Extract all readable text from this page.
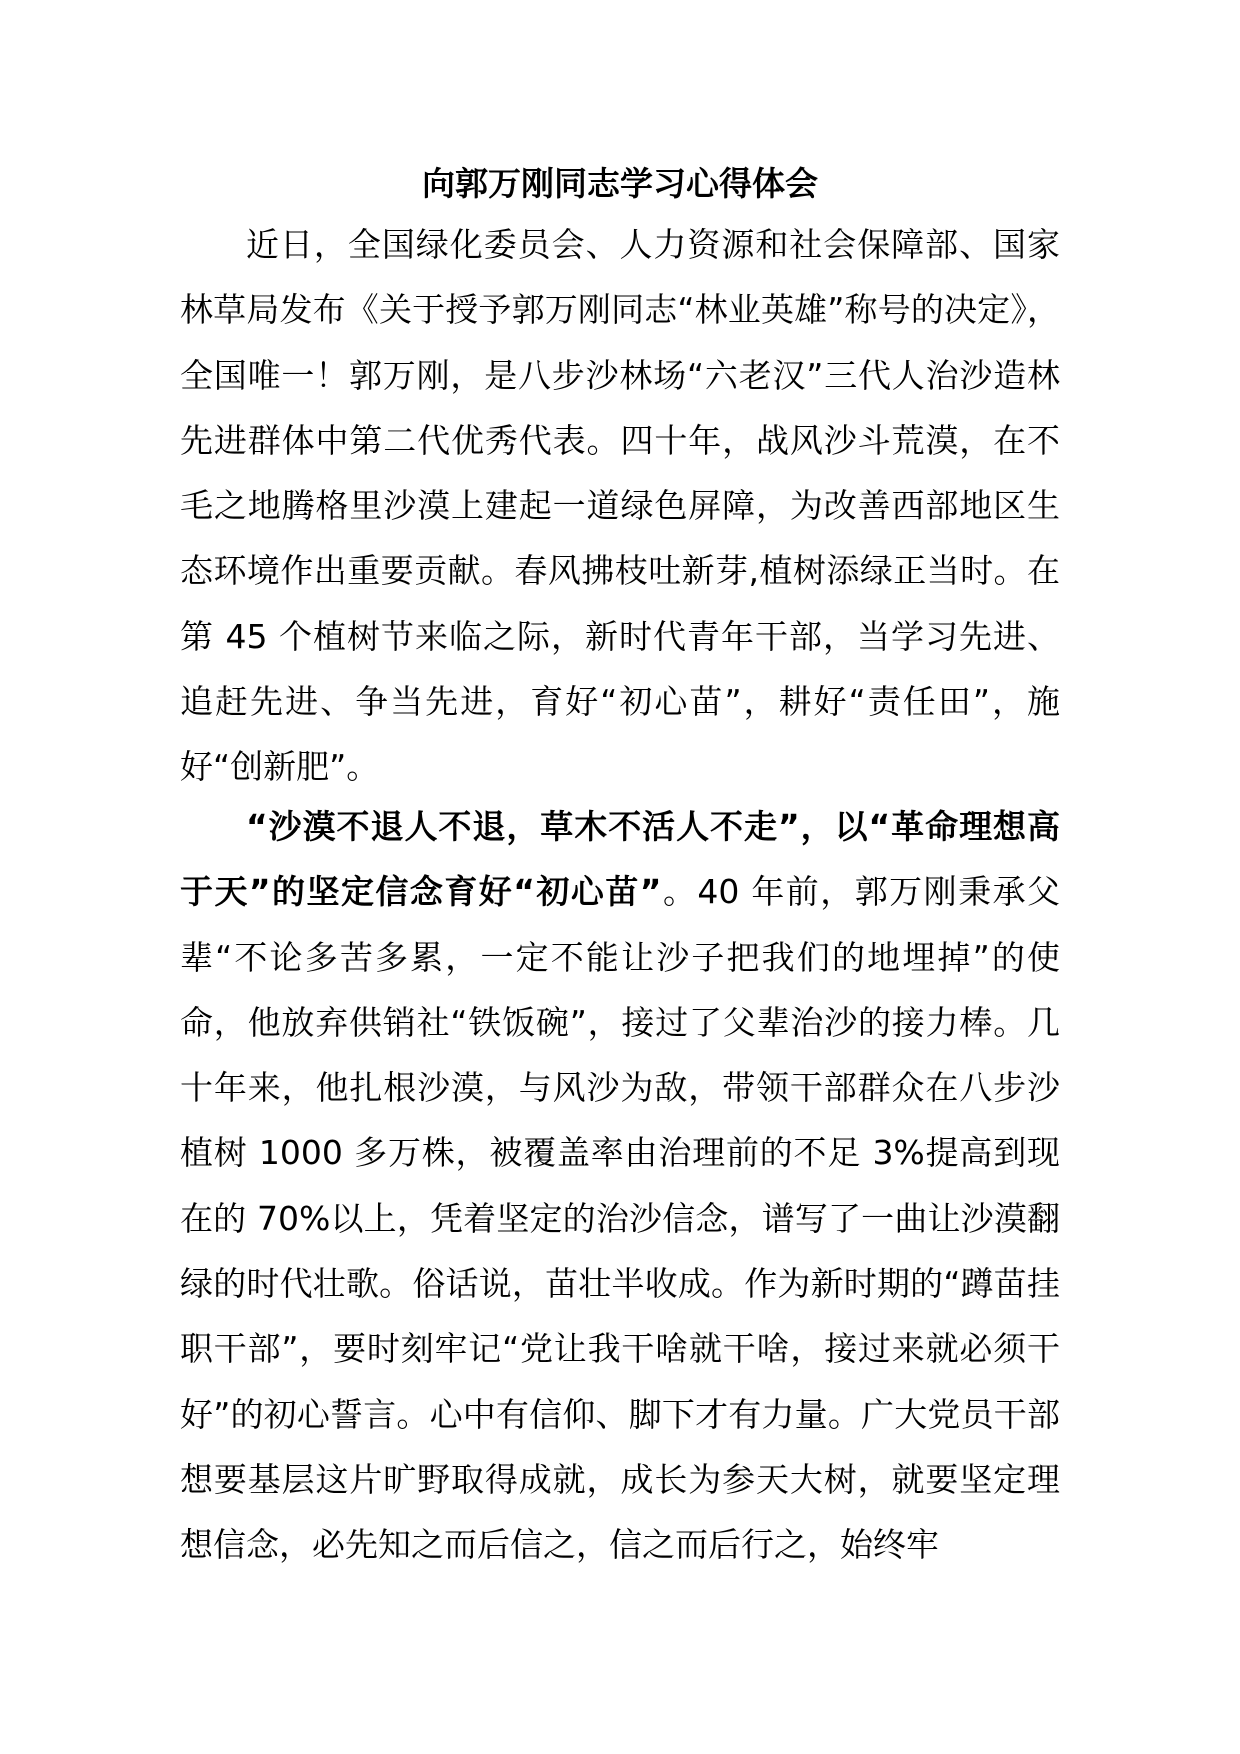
向郭万刚同志学习心得体会

近日，全国绿化委员会、人力资源和社会保障部、国家林草局发布《关于授予郭万刚同志“林业英雄”称号的决定》，全国唯一！郭万刚，是八步沙林场“六老汉”三代人治沙造林先进群体中第二代优秀代表。四十年，战风沙斗荒漠，在不毛之地腾格里沙漠上建起一道绿色屏障，为改善西部地区生态环境作出重要贡献。春风拂枝吐新芽,植树添绿正当时。在第 45 个植树节来临之际，新时代青年干部，当学习先进、追赶先进、争当先进，育好“初心苗”，耕好“责任田”，施好“创新肥”。

“沙漠不退人不退，草木不活人不走”，以“革命理想高于天”的坚定信念育好“初心苗”。40 年前，郭万刚秉承父辈“不论多苦多累，一定不能让沙子把我们的地埋掉”的使命，他放弃供销社“铁饭碗”，接过了父辈治沙的接力棒。几十年来，他扎根沙漠，与风沙为敌，带领干部群众在八步沙植树 1000 多万株，被覆盖率由治理前的不足 3%提高到现在的 70%以上，凭着坚定的治沙信念，谱写了一曲让沙漠翻绿的时代壮歌。俗话说，苗壮半收成。作为新时期的“蹲苗挂职干部”，要时刻牢记“党让我干啥就干啥，接过来就必须干好”的初心誓言。心中有信仰、脚下才有力量。广大党员干部想要基层这片旷野取得成就，成长为参天大树，就要坚定理想信念，必先知之而后信之，信之而后行之，始终牢
